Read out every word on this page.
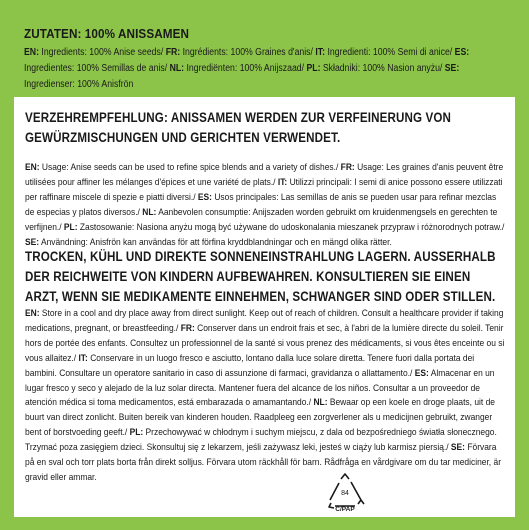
ZUTATEN: 100% ANISSAMEN
EN: Ingredients: 100% Anise seeds/ FR: Ingrédients: 100% Graines d'anis/ IT: Ingredienti: 100% Semi di anice/ ES: Ingredientes: 100% Semillas de anis/ NL: Ingrediënten: 100% Anijszaad/ PL: Składniki: 100% Nasion anyżu/ SE: Ingredienser: 100% Anisfrön
VERZEHREMPFEHLUNG: ANISSAMEN WERDEN ZUR VERFEINERUNG VON GEWÜRZMISCHUNGEN UND GERICHTEN VERWENDET.
EN: Usage: Anise seeds can be used to refine spice blends and a variety of dishes./ FR: Usage: Les graines d'anis peuvent être utilisées pour affiner les mélanges d'épices et une variété de plats./ IT: Utilizzi principali: I semi di anice possono essere utilizzati per raffinare miscele di spezie e piatti diversi./ ES: Usos principales: Las semillas de anis se pueden usar para refinar mezclas de especias y platos diversos./ NL: Aanbevolen consumptie: Anijszaden worden gebruikt om kruidenmengsels en gerechten te verfijnen./ PL: Zastosowanie: Nasiona anyżu mogą być używane do udoskonalania mieszanek przypraw i różnorodnych potraw./ SE: Användning: Anisfrön kan användas för att förfina kryddblandningar och en mängd olika rätter.
TROCKEN, KÜHL UND DIREKTE SONNENEINSTRAHLUNG LAGERN. AUSSERHALB DER REICHWEITE VON KINDERN AUFBEWAHREN. KONSULTIEREN SIE EINEN ARZT, WENN SIE MEDIKAMENTE EINNEHMEN, SCHWANGER SIND ODER STILLEN.
EN: Store in a cool and dry place away from direct sunlight. Keep out of reach of children. Consult a healthcare provider if taking medications, pregnant, or breastfeeding./ FR: Conserver dans un endroit frais et sec, à l'abri de la lumière directe du soleil. Tenir hors de portée des enfants. Consultez un professionnel de la santé si vous prenez des médicaments, si vous êtes enceinte ou si vous allaitez./ IT: Conservare in un luogo fresco e asciutto, lontano dalla luce solare diretta. Tenere fuori dalla portata dei bambini. Consultare un operatore sanitario in caso di assunzione di farmaci, gravidanza o allattamento./ ES: Almacenar en un lugar fresco y seco y alejado de la luz solar directa. Mantener fuera del alcance de los niños. Consultar a un proveedor de atención médica si toma medicamentos, está embarazada o amamantando./ NL: Bewaar op een koele en droge plaats, uit de buurt van direct zonlicht. Buiten bereik van kinderen houden. Raadpleeg een zorgverlener als u medicijnen gebruikt, zwanger bent of borstvoeding geeft./ PL: Przechowywać w chłodnym i suchym miejscu, z dala od bezpośredniego światła słonecznego. Trzymać poza zasięgiem dzieci. Skonsultuj się z lekarzem, jeśli zażywasz leki, jesteś w ciąży lub karmisz piersią./ SE: Förvara på en sval och torr plats borta från direkt solljus. Förvara utom räckhåll för barn. Rådfråga en vårdgivare om du tar mediciner, är gravid eller ammar.
84
C/PAP
